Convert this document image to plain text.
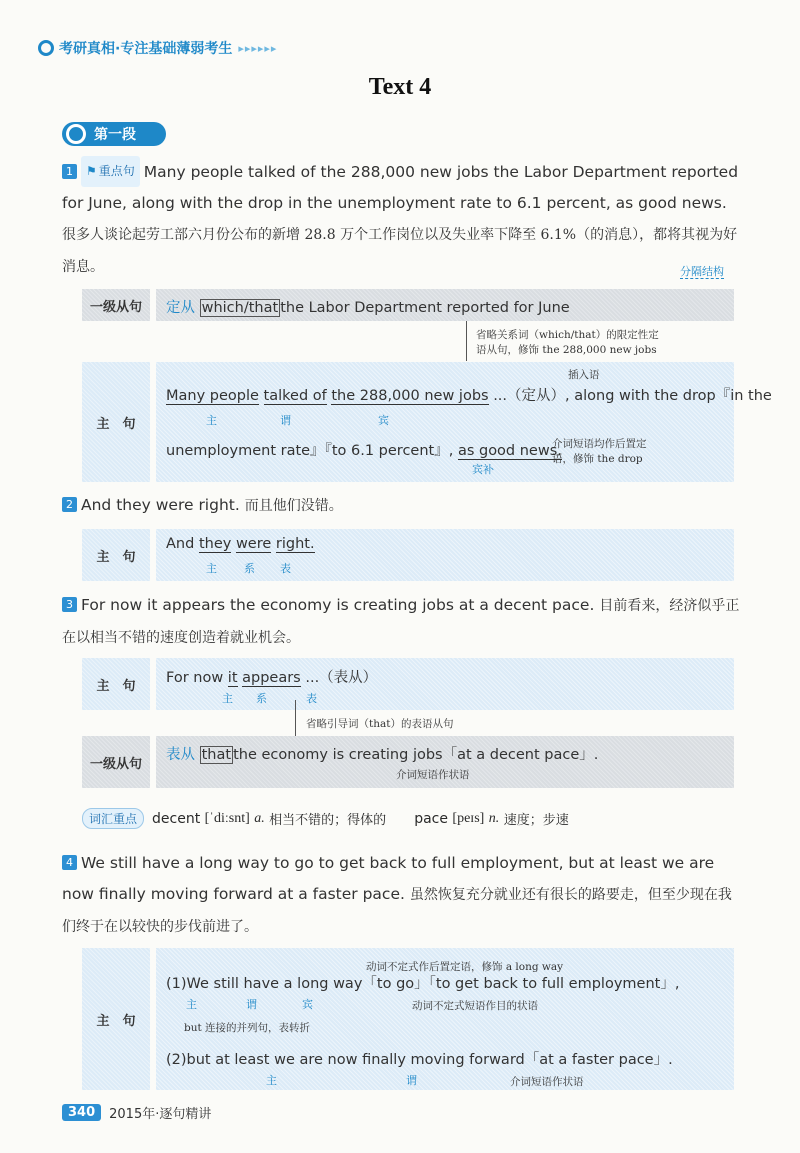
考研真相·专注基础薄弱考生 ▸▸▸▸▸▸
Text 4
第一段
1 ⚑ 重点句 Many people talked of the 288,000 new jobs the Labor Department reported for June, along with the drop in the unemployment rate to 6.1 percent, as good news. 很多人谈论起劳工部六月份公布的新增 28.8 万个工作岗位以及失业率下降至 6.1%（的消息），都将其视为好消息。	分隔结构
一级从句	定从 which/that the Labor Department reported for June
省略关系词（which/that）的限定性定
语从句，修饰 the 288,000 new jobs
主　句
插入语
Many people talked of the 288,000 new jobs ...（定从）, along with the drop『in the
主	谓	宾
unemployment rate』『to 6.1 percent』, as good news.
宾补
介词短语均作后置定
语，修饰 the drop
2 And they were right. 而且他们没错。
主　句
And they were right.
主 系 表
3 For now it appears the economy is creating jobs at a decent pace. 目前看来，经济似乎正在以相当不错的速度创造着就业机会。
主　句	For now it appears ...（表从）
主 系	表
省略引导词（that）的表语从句
一级从句
表从 that the economy is creating jobs「at a decent pace」.
介词短语作状语
词汇重点	decent
[ˈdiːsnt]
a.
相当不错的；得体的 pace
[peɪs]
n.
速度；步速
4 We still have a long way to go to get back to full employment, but at least we are now finally moving forward at a faster pace. 虽然恢复充分就业还有很长的路要走，但至少现在我们终于在以较快的步伐前进了。
主　句
动词不定式作后置定语，修饰 a long way
(1)We still have a long way「to go」「to get back to full employment」,
主	谓	宾	动词不定式短语作目的状语
but 连接的并列句，表转折
(2)but at least we are now finally moving forward「at a faster pace」.
主	谓	介词短语作状语
340	2015年·逐句精讲
